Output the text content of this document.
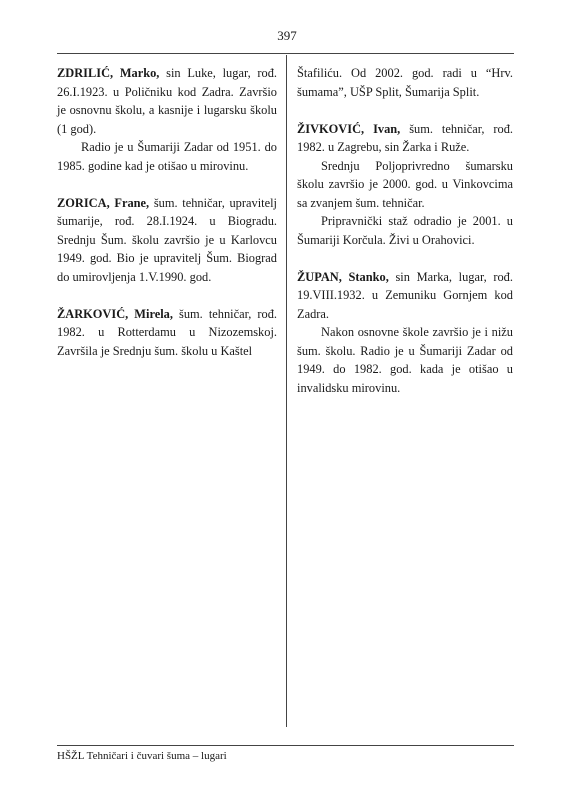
397

ZDRILIĆ, Marko, sin Luke, lugar, rođ. 26.I.1923. u Poličniku kod Zadra. Završio je osnovnu školu, a kasnije i lugarsku školu (1 god).

Radio je u Šumariji Zadar od 1951. do 1985. godine kad je otišao u mirovinu.

ZORICA, Frane, šum. tehničar, upravitelj šumarije, rođ. 28.I.1924. u Biogradu. Srednju Šum. školu završio je u Karlovcu 1949. god. Bio je upravitelj Šum. Biograd do umirovljenja 1.V.1990. god.

ŽARKOVIĆ, Mirela, šum. tehničar, rođ. 1982. u Rotterdamu u Nizozemskoj. Završila je Srednju šum. školu u Kaštel

Štafiliću. Od 2002. god. radi u “Hrv. šumama”, UŠP Split, Šumarija Split.

ŽIVKOVIĆ, Ivan, šum. tehničar, rođ. 1982. u Zagrebu, sin Žarka i Ruže.

Srednju Poljoprivredno šumarsku školu završio je 2000. god. u Vinkovcima sa zvanjem šum. tehničar.

Pripravnički staž odradio je 2001. u Šumariji Korčula. Živi u Orahovici.

ŽUPAN, Stanko, sin Marka, lugar, rođ. 19.VIII.1932. u Zemuniku Gornjem kod Zadra.

Nakon osnovne škole završio je i nižu šum. školu. Radio je u Šumariji Zadar od 1949. do 1982. god. kada je otišao u invalidsku mirovinu.

HŠŽL Tehničari i čuvari šuma – lugari
